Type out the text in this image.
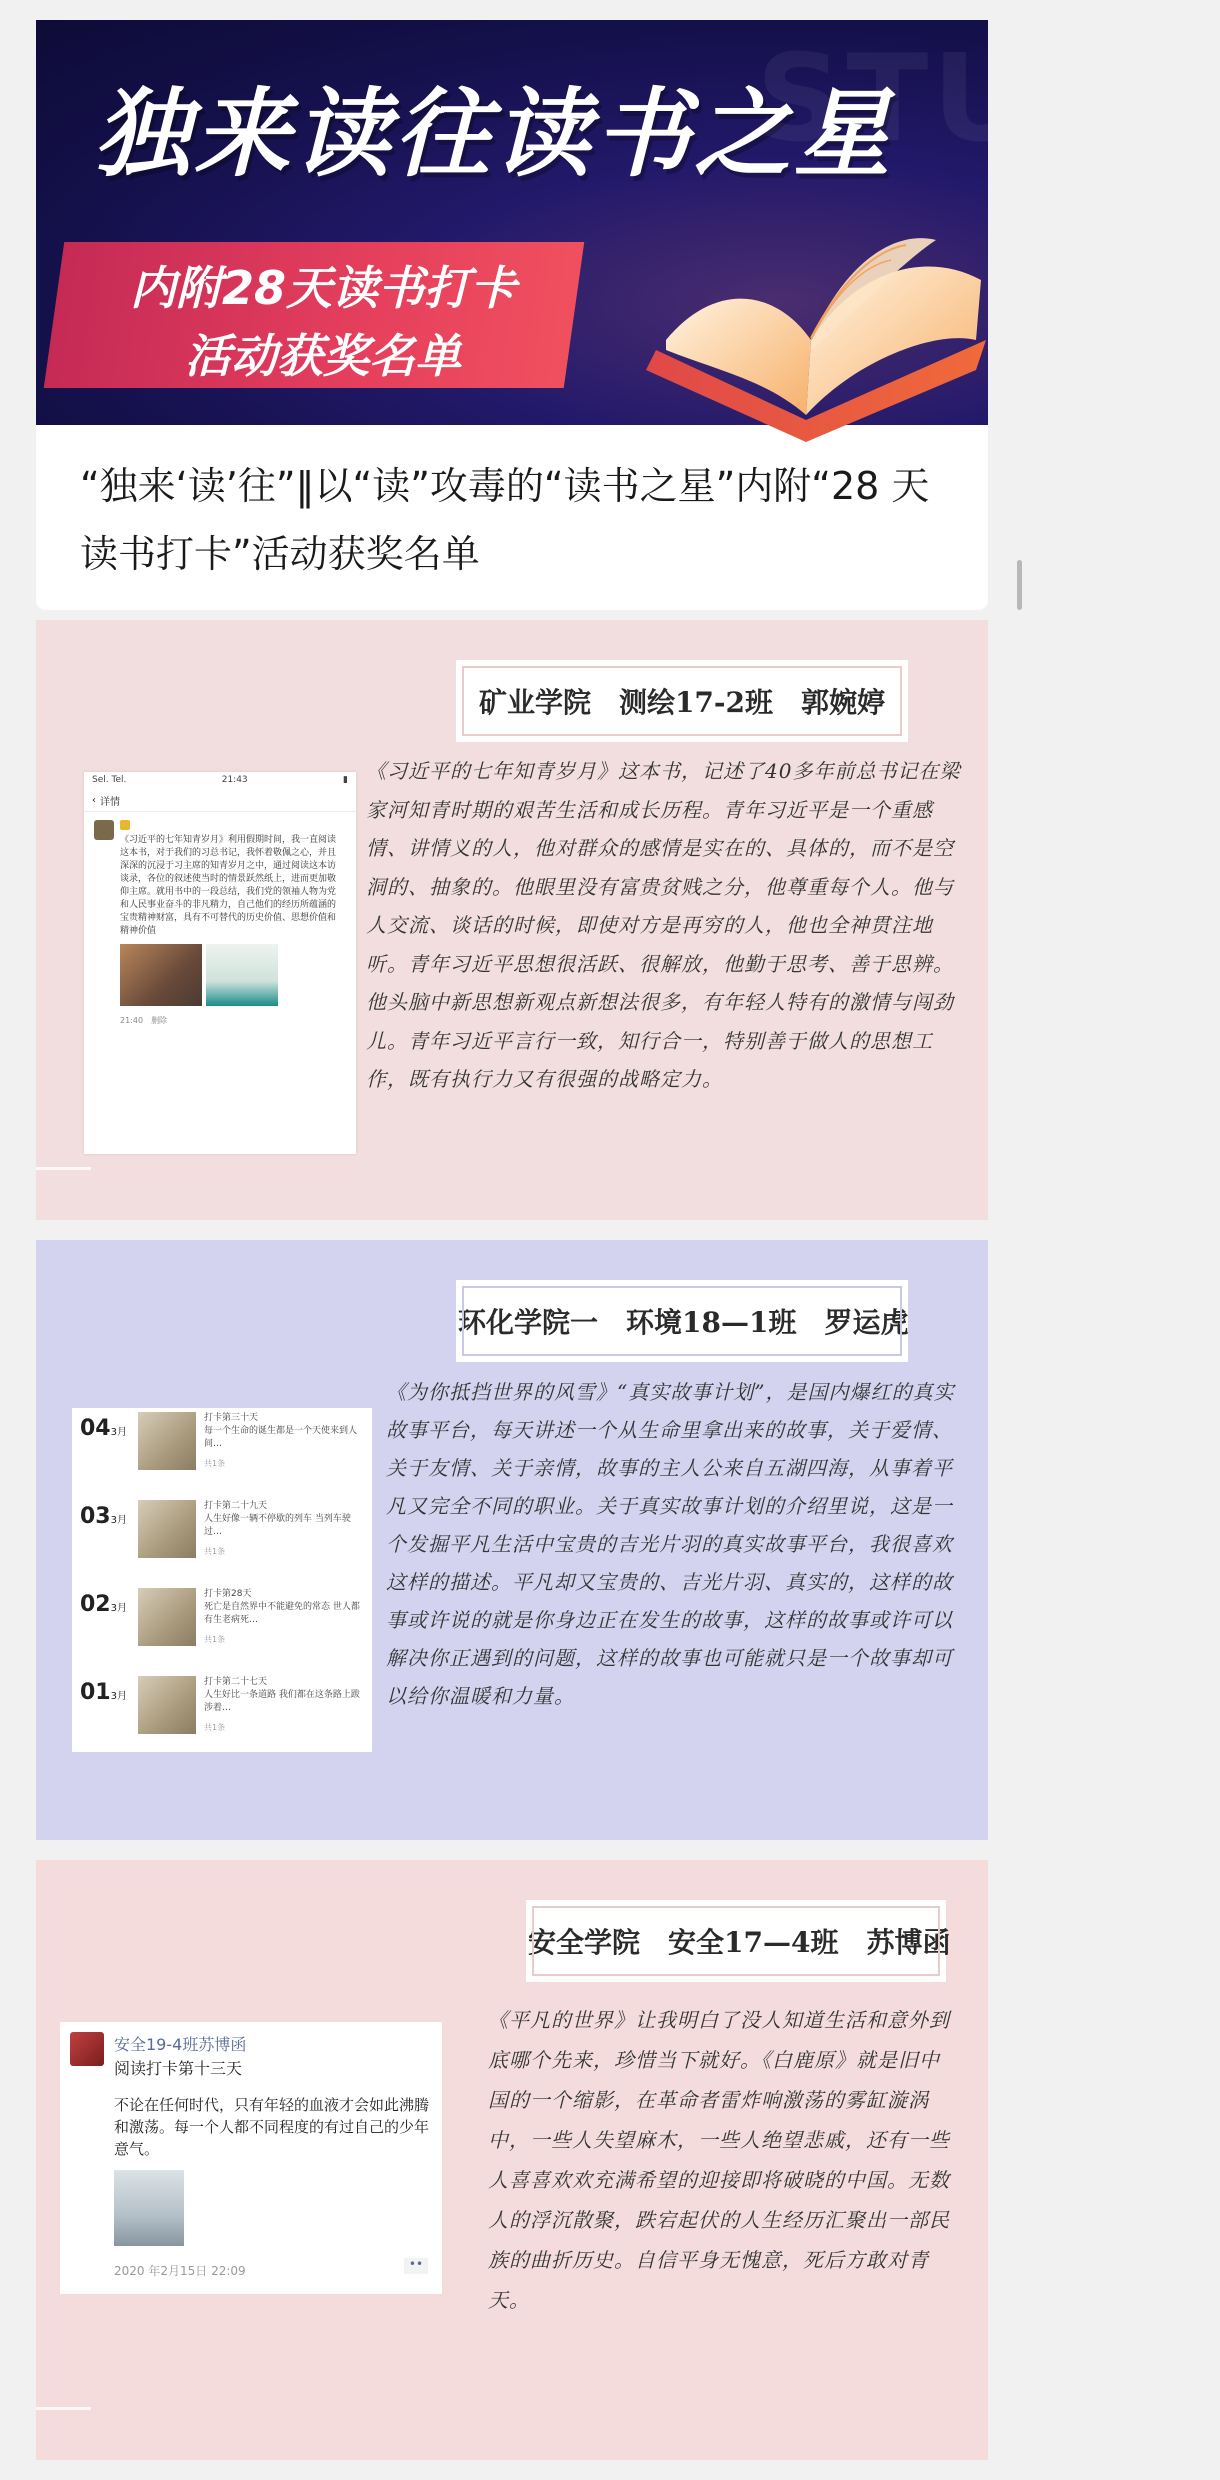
STUDY
独来读往读书之星
内附28天读书打卡
活动获奖名单
“独来‘读’往”‖以“读”攻毒的“读书之星”内附“28 天读书打卡”活动获奖名单
矿业学院　测绘17-2班　郭婉婷
Sel. Tel.	21:43	▮
‹ 详情
《习近平的七年知青岁月》利用假期时间，我一直阅读这本书，对于我们的习总书记，我怀着敬佩之心，并且深深的沉浸于习主席的知青岁月之中，通过阅读这本访谈录，各位的叙述使当时的情景跃然纸上，进而更加敬仰主席。就用书中的一段总结，我们党的领袖人物为党和人民事业奋斗的非凡精力，自己他们的经历所蕴涵的宝贵精神财富，具有不可替代的历史价值、思想价值和精神价值
21:40　 删除
《习近平的七年知青岁月》这本书，记述了40多年前总书记在梁家河知青时期的艰苦生活和成长历程。青年习近平是一个重感情、讲情义的人，他对群众的感情是实在的、具体的，而不是空洞的、抽象的。他眼里没有富贵贫贱之分，他尊重每个人。他与人交流、谈话的时候，即使对方是再穷的人，他也全神贯注地听。青年习近平思想很活跃、很解放，他勤于思考、善于思辨。他头脑中新思想新观点新想法很多，有年轻人特有的激情与闯劲儿。青年习近平言行一致，知行合一，特别善于做人的思想工作，既有执行力又有很强的战略定力。
环化学院一　环境18—1班　罗运虎
043月
打卡第三十天
每一个生命的诞生都是一个天使来到人间…
共1条
033月
打卡第二十九天
人生好像一辆不停歇的列车 当列车驶过…
共1条
023月
打卡第28天
死亡是自然界中不能避免的常态 世人都有生老病死…
共1条
013月
打卡第二十七天
人生好比一条道路 我们都在这条路上跋涉着…
共1条
《为你抵挡世界的风雪》“真实故事计划”，是国内爆红的真实故事平台，每天讲述一个从生命里拿出来的故事，关于爱情、关于友情、关于亲情，故事的主人公来自五湖四海，从事着平凡又完全不同的职业。关于真实故事计划的介绍里说，这是一个发掘平凡生活中宝贵的吉光片羽的真实故事平台，我很喜欢这样的描述。平凡却又宝贵的、吉光片羽、真实的，这样的故事或许说的就是你身边正在发生的故事，这样的故事或许可以解决你正遇到的问题，这样的故事也可能就只是一个故事却可以给你温暖和力量。
安全学院　安全17—4班　苏博函
安全19-4班苏博函
阅读打卡第十三天
不论在任何时代，只有年轻的血液才会如此沸腾和激荡。每一个人都不同程度的有过自己的少年意气。
2020 年2月15日 22:09	••
《平凡的世界》让我明白了没人知道生活和意外到底哪个先来，珍惜当下就好。《白鹿原》就是旧中国的一个缩影，在革命者雷炸响激荡的雾缸漩涡中，一些人失望麻木，一些人绝望悲戚，还有一些人喜喜欢欢充满希望的迎接即将破晓的中国。无数人的浮沉散聚，跌宕起伏的人生经历汇聚出一部民族的曲折历史。自信平身无愧意，死后方敢对青天。
